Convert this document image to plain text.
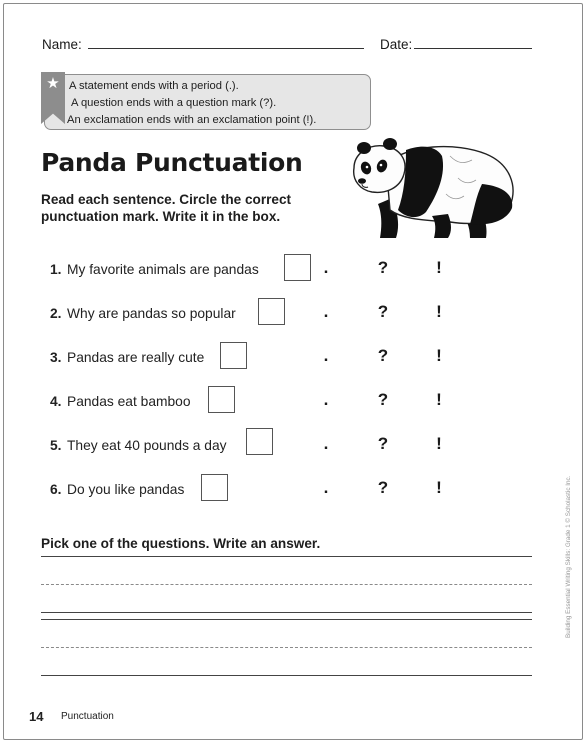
Name:	Date:
★ A statement ends with a period (.).
A question ends with a question mark (?).
An exclamation ends with an exclamation point (!).
Panda Punctuation
Read each sentence. Circle the correct
punctuation mark. Write it in the box.
1. My favorite animals are pandas	.	?	!
2. Why are pandas so popular	.	?	!
3. Pandas are really cute	.	?	!
4. Pandas eat bamboo	.	?	!
5. They eat 40 pounds a day	.	?	!
6. Do you like pandas	.	?	!
Pick one of the questions. Write an answer.	Building Essential Writing Skills: Grade 1 © Scholastic Inc.
14 Punctuation
